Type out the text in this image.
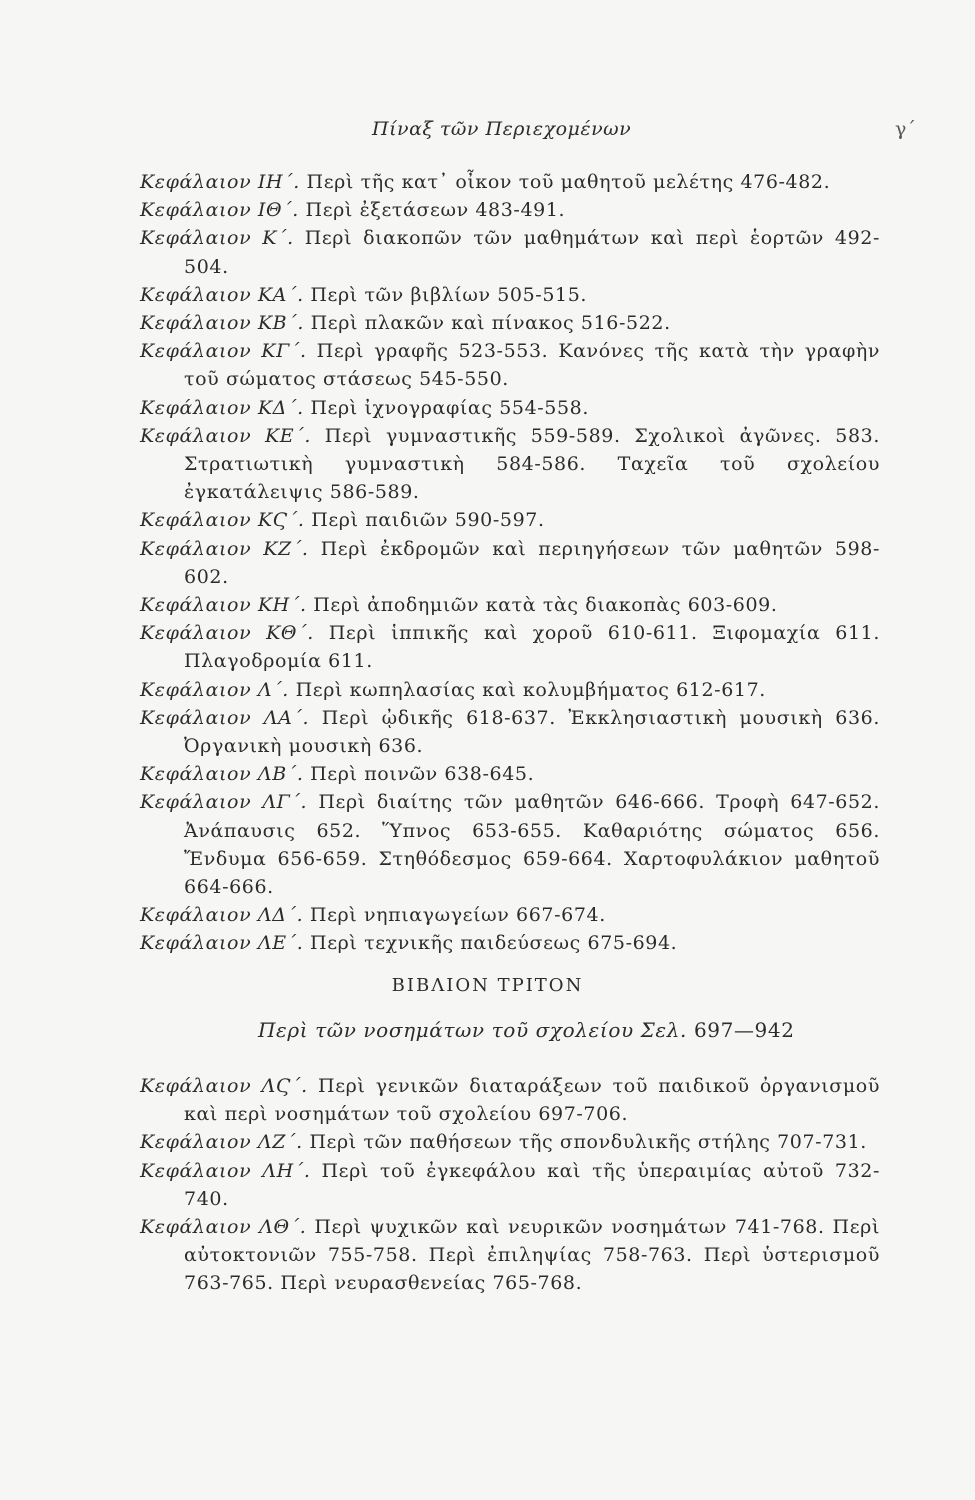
Πίναξ τῶν Περιεχομένων	γ΄
Κεφάλαιον ΙΗ΄. Περὶ τῆς κατ᾽ οἶκον τοῦ μαθητοῦ μελέτης 476-482.
Κεφάλαιον ΙΘ΄. Περὶ ἐξετάσεων 483-491.
Κεφάλαιον Κ΄. Περὶ διακοπῶν τῶν μαθημάτων καὶ περὶ ἑορτῶν 492-504.
Κεφάλαιον ΚΑ΄. Περὶ τῶν βιβλίων 505-515.
Κεφάλαιον ΚΒ΄. Περὶ πλακῶν καὶ πίνακος 516-522.
Κεφάλαιον ΚΓ΄. Περὶ γραφῆς 523-553. Κανόνες τῆς κατὰ τὴν γραφὴν τοῦ σώματος στάσεως 545-550.
Κεφάλαιον ΚΔ΄. Περὶ ἰχνογραφίας 554-558.
Κεφάλαιον ΚΕ΄. Περὶ γυμναστικῆς 559-589. Σχολικοὶ ἀγῶνες. 583. Στρατιωτικὴ γυμναστικὴ 584-586. Ταχεῖα τοῦ σχολείου ἐγκατάλειψις 586-589.
Κεφάλαιον ΚϚ΄. Περὶ παιδιῶν 590-597.
Κεφάλαιον ΚΖ΄. Περὶ ἐκδρομῶν καὶ περιηγήσεων τῶν μαθητῶν 598-602.
Κεφάλαιον ΚΗ΄. Περὶ ἀποδημιῶν κατὰ τὰς διακοπὰς 603-609.
Κεφάλαιον ΚΘ΄. Περὶ ἱππικῆς καὶ χοροῦ 610-611. Ξιφομαχία 611. Πλαγοδρομία 611.
Κεφάλαιον Λ΄. Περὶ κωπηλασίας καὶ κολυμβήματος 612-617.
Κεφάλαιον ΛΑ΄. Περὶ ᾠδικῆς 618-637. Ἐκκλησιαστικὴ μουσικὴ 636. Ὀργανικὴ μουσικὴ 636.
Κεφάλαιον ΛΒ΄. Περὶ ποινῶν 638-645.
Κεφάλαιον ΛΓ΄. Περὶ διαίτης τῶν μαθητῶν 646-666. Τροφὴ 647-652. Ἀνάπαυσις 652. Ὕπνος 653-655. Καθαριότης σώματος 656. Ἔνδυμα 656-659. Στηθόδεσμος 659-664. Χαρτοφυλάκιον μαθητοῦ 664-666.
Κεφάλαιον ΛΔ΄. Περὶ νηπιαγωγείων 667-674.
Κεφάλαιον ΛΕ΄. Περὶ τεχνικῆς παιδεύσεως 675-694.
ΒΙΒΛΙΟΝ ΤΡΙΤΟΝ
Περὶ τῶν νοσημάτων τοῦ σχολείου Σελ. 697—942
Κεφάλαιον ΛϚ΄. Περὶ γενικῶν διαταράξεων τοῦ παιδικοῦ ὀργανισμοῦ καὶ περὶ νοσημάτων τοῦ σχολείου 697-706.
Κεφάλαιον ΛΖ΄. Περὶ τῶν παθήσεων τῆς σπονδυλικῆς στήλης 707-731.
Κεφάλαιον ΛΗ΄. Περὶ τοῦ ἐγκεφάλου καὶ τῆς ὑπεραιμίας αὐτοῦ 732-740.
Κεφάλαιον ΛΘ΄. Περὶ ψυχικῶν καὶ νευρικῶν νοσημάτων 741-768. Περὶ αὐτοκτονιῶν 755-758. Περὶ ἐπιληψίας 758-763. Περὶ ὑστερισμοῦ 763-765. Περὶ νευρασθενείας 765-768.
